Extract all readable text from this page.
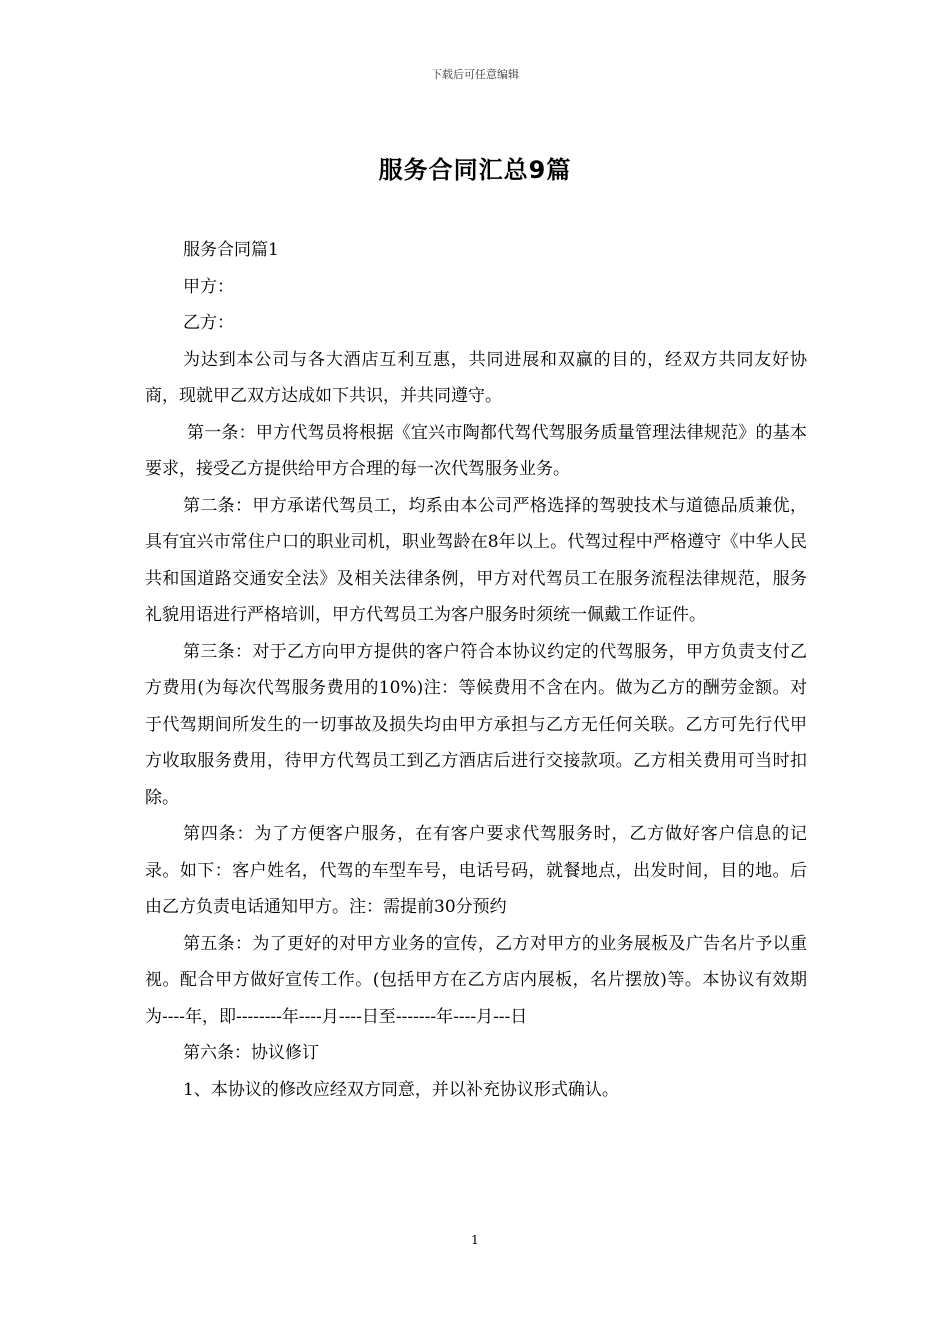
下载后可任意编辑
服务合同汇总9篇

服务合同篇1

甲方：

乙方：

为达到本公司与各大酒店互利互惠，共同进展和双赢的目的，经双方共同友好协商，现就甲乙双方达成如下共识，并共同遵守。

第一条：甲方代驾员将根据《宜兴市陶都代驾代驾服务质量管理法律规范》的基本要求，接受乙方提供给甲方合理的每一次代驾服务业务。

第二条：甲方承诺代驾员工，均系由本公司严格选择的驾驶技术与道德品质兼优，具有宜兴市常住户口的职业司机，职业驾龄在8年以上。代驾过程中严格遵守《中华人民共和国道路交通安全法》及相关法律条例，甲方对代驾员工在服务流程法律规范，服务礼貌用语进行严格培训，甲方代驾员工为客户服务时须统一佩戴工作证件。

第三条：对于乙方向甲方提供的客户符合本协议约定的代驾服务，甲方负责支付乙方费用(为每次代驾服务费用的10%)注：等候费用不含在内。做为乙方的酬劳金额。对于代驾期间所发生的一切事故及损失均由甲方承担与乙方无任何关联。乙方可先行代甲方收取服务费用，待甲方代驾员工到乙方酒店后进行交接款项。乙方相关费用可当时扣除。

第四条：为了方便客户服务，在有客户要求代驾服务时，乙方做好客户信息的记录。如下：客户姓名，代驾的车型车号，电话号码，就餐地点，出发时间，目的地。后由乙方负责电话通知甲方。注：需提前30分预约

第五条：为了更好的对甲方业务的宣传，乙方对甲方的业务展板及广告名片予以重视。配合甲方做好宣传工作。(包括甲方在乙方店内展板，名片摆放)等。本协议有效期为----年，即--------年----月----日至-------年----月---日

第六条：协议修订

1、本协议的修改应经双方同意，并以补充协议形式确认。

1
